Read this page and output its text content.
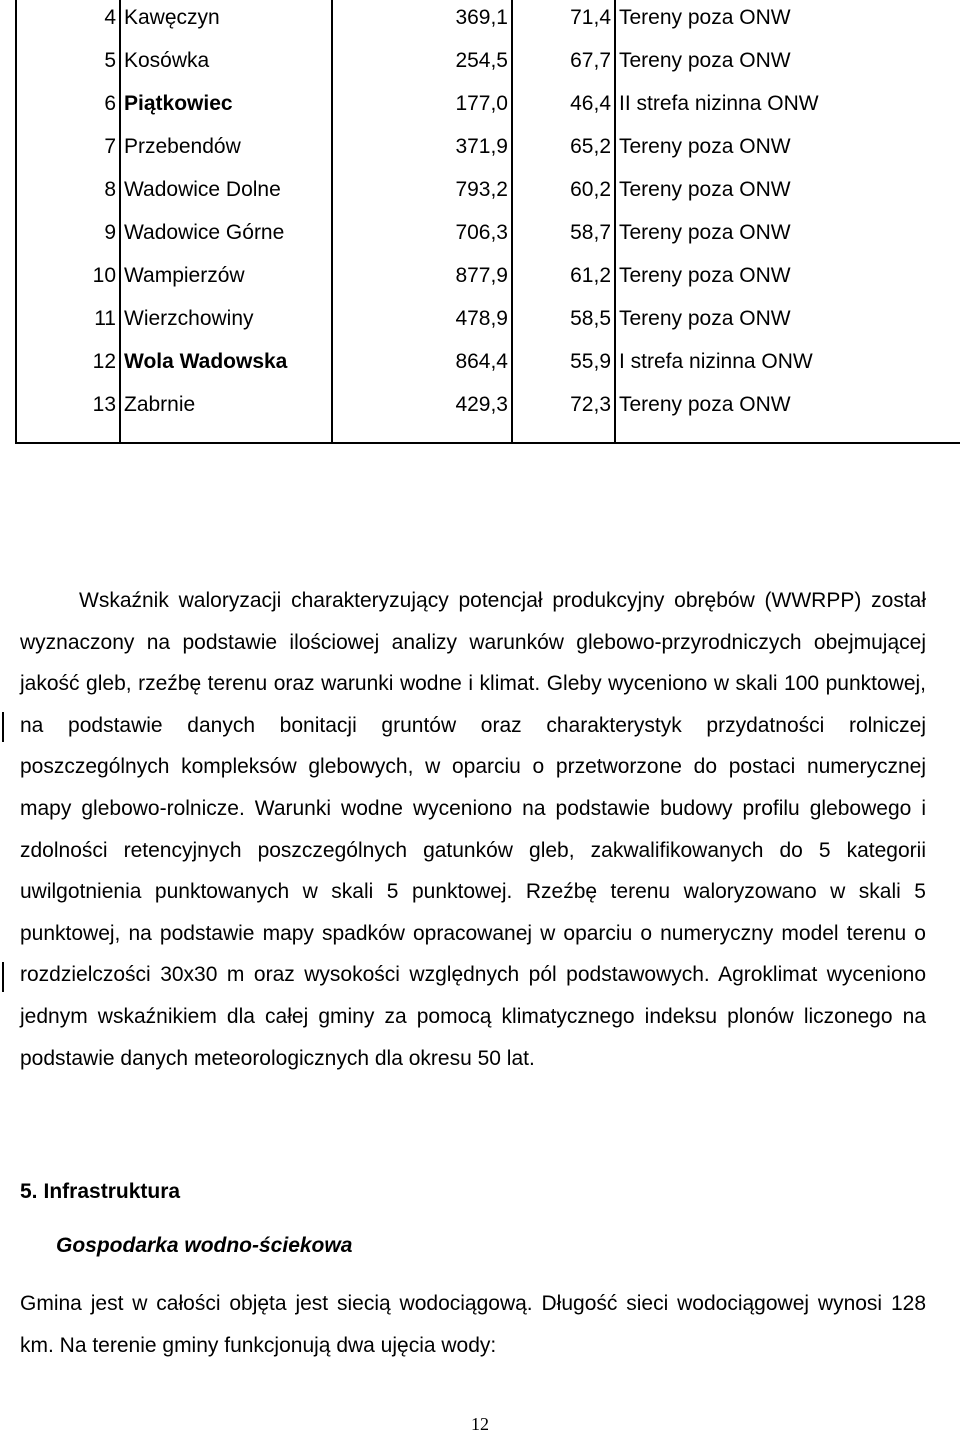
4 Kawęczyn	369,1	71,4 Tereny poza ONW
5 Kosówka	254,5	67,7 Tereny poza ONW
6 Piątkowiec	177,0	46,4 II strefa nizinna ONW
7 Przebendów	371,9	65,2 Tereny poza ONW
8 Wadowice Dolne	793,2	60,2 Tereny poza ONW
9 Wadowice Górne	706,3	58,7 Tereny poza ONW
10 Wampierzów	877,9	61,2 Tereny poza ONW
11 Wierzchowiny	478,9	58,5 Tereny poza ONW
12 Wola Wadowska	864,4	55,9 I strefa nizinna ONW
13 Zabrnie	429,3	72,3 Tereny poza ONW

Wskaźnik waloryzacji charakteryzujący potencjał produkcyjny obrębów (WWRPP) został wyznaczony na podstawie ilościowej analizy warunków glebowo-przyrodniczych obejmującej jakość gleb, rzeźbę terenu oraz warunki wodne i klimat. Gleby wyceniono w skali 100 punktowej, na podstawie danych bonitacji gruntów oraz charakterystyk przydatności rolniczej poszczególnych kompleksów glebowych, w oparciu o przetworzone do postaci numerycznej mapy glebowo-rolnicze. Warunki wodne wyceniono na podstawie budowy profilu glebowego i zdolności retencyjnych poszczególnych gatunków gleb, zakwalifikowanych do 5 kategorii uwilgotnienia punktowanych w skali 5 punktowej. Rzeźbę terenu waloryzowano w skali 5 punktowej, na podstawie mapy spadków opracowanej w oparciu o numeryczny model terenu o rozdzielczości 30x30 m oraz wysokości względnych pól podstawowych. Agroklimat wyceniono jednym wskaźnikiem dla całej gminy za pomocą klimatycznego indeksu plonów liczonego na podstawie danych meteorologicznych dla okresu 50 lat.

5. Infrastruktura
Gospodarka wodno-ściekowa

Gmina jest w całości objęta jest siecią wodociągową. Długość sieci wodociągowej wynosi 128 km. Na terenie gminy funkcjonują dwa ujęcia wody:

12
